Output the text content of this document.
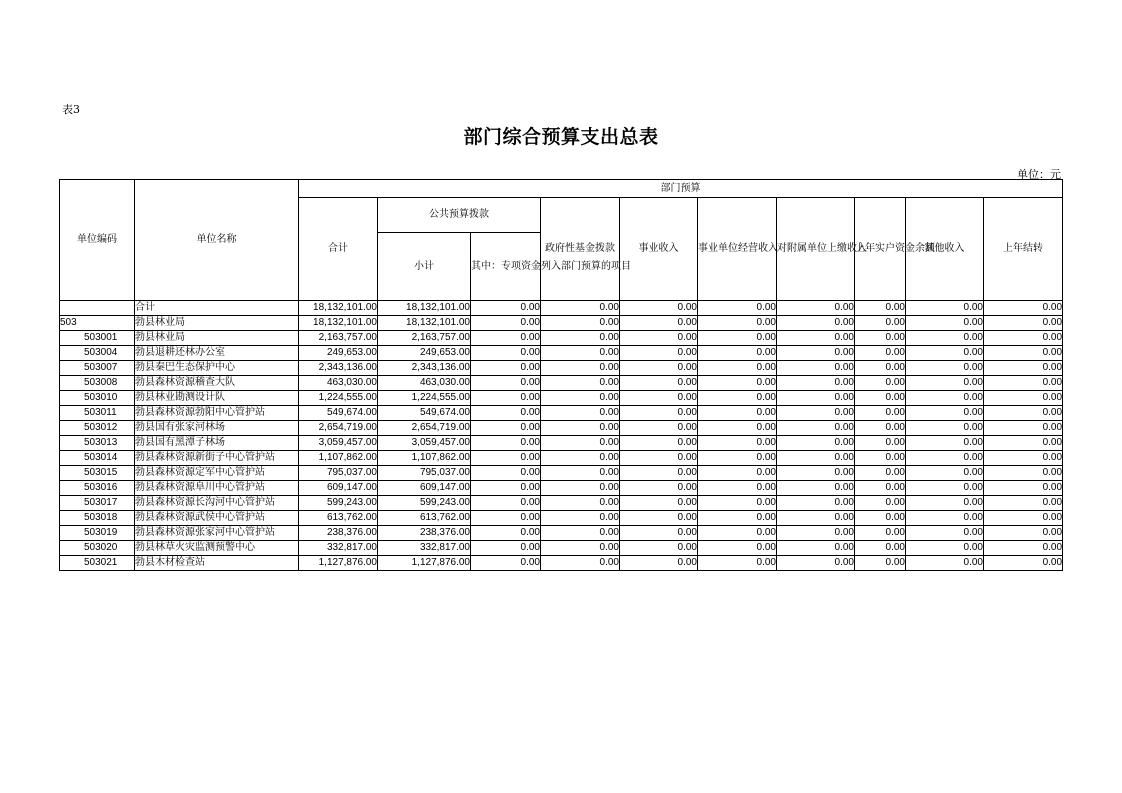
表3
部门综合预算支出总表
单位：元
单位编码	单位名称	部门预算									
		合计	公共预算拨款		政府性基金拨款	事业收入	事业单位经营收入	对附属单位上缴收入	上年实户资金余额	其他收入	上年结转
			小计	其中：专项资金列入部门预算的项目							
	合计	18,132,101.00	18,132,101.00	0.00	0.00	0.00	0.00	0.00	0.00	0.00	0.00
503	勃县林业局	18,132,101.00	18,132,101.00	0.00	0.00	0.00	0.00	0.00	0.00	0.00	0.00
503001	勃县林业局	2,163,757.00	2,163,757.00	0.00	0.00	0.00	0.00	0.00	0.00	0.00	0.00
503004	勃县退耕还林办公室	249,653.00	249,653.00	0.00	0.00	0.00	0.00	0.00	0.00	0.00	0.00
503007	勃县秦巴生态保护中心	2,343,136.00	2,343,136.00	0.00	0.00	0.00	0.00	0.00	0.00	0.00	0.00
503008	勃县森林资源稽查大队	463,030.00	463,030.00	0.00	0.00	0.00	0.00	0.00	0.00	0.00	0.00
503010	勃县林业勘测设计队	1,224,555.00	1,224,555.00	0.00	0.00	0.00	0.00	0.00	0.00	0.00	0.00
503011	勃县森林资源勃阳中心管护站	549,674.00	549,674.00	0.00	0.00	0.00	0.00	0.00	0.00	0.00	0.00
503012	勃县国有张家河林场	2,654,719.00	2,654,719.00	0.00	0.00	0.00	0.00	0.00	0.00	0.00	0.00
503013	勃县国有黑潭子林场	3,059,457.00	3,059,457.00	0.00	0.00	0.00	0.00	0.00	0.00	0.00	0.00
503014	勃县森林资源新街子中心管护站	1,107,862.00	1,107,862.00	0.00	0.00	0.00	0.00	0.00	0.00	0.00	0.00
503015	勃县森林资源定军中心管护站	795,037.00	795,037.00	0.00	0.00	0.00	0.00	0.00	0.00	0.00	0.00
503016	勃县森林资源阜川中心管护站	609,147.00	609,147.00	0.00	0.00	0.00	0.00	0.00	0.00	0.00	0.00
503017	勃县森林资源长沟河中心管护站	599,243.00	599,243.00	0.00	0.00	0.00	0.00	0.00	0.00	0.00	0.00
503018	勃县森林资源武侯中心管护站	613,762.00	613,762.00	0.00	0.00	0.00	0.00	0.00	0.00	0.00	0.00
503019	勃县森林资源张家河中心管护站	238,376.00	238,376.00	0.00	0.00	0.00	0.00	0.00	0.00	0.00	0.00
503020	勃县林草火灾监测预警中心	332,817.00	332,817.00	0.00	0.00	0.00	0.00	0.00	0.00	0.00	0.00
503021	勃县木材检查站	1,127,876.00	1,127,876.00	0.00	0.00	0.00	0.00	0.00	0.00	0.00	0.00
